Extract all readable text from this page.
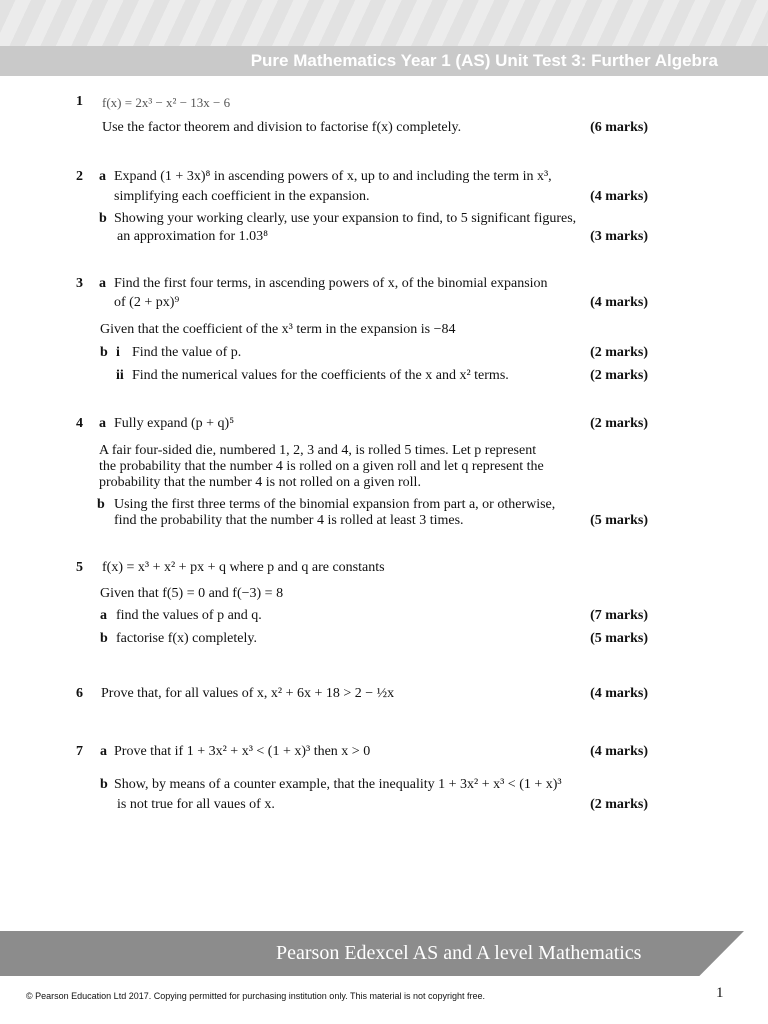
Pure Mathematics Year 1 (AS) Unit Test 3: Further Algebra
1 f(x) = 2x³ − x² − 13x − 6
Use the factor theorem and division to factorise f(x) completely.	(6 marks)
2 a Expand (1 + 3x)⁸ in ascending powers of x, up to and including the term in x³,
simplifying each coefficient in the expansion.	(4 marks)
b Showing your working clearly, use your expansion to find, to 5 significant figures,
an approximation for 1.03⁸	(3 marks)
3 a Find the first four terms, in ascending powers of x, of the binomial expansion
of (2 + px)⁹	(4 marks)
Given that the coefficient of the x³ term in the expansion is −84
b i Find the value of p.	(2 marks)
ii Find the numerical values for the coefficients of the x and x² terms.	(2 marks)
4 a Fully expand (p + q)⁵	(2 marks)
A fair four-sided die, numbered 1, 2, 3 and 4, is rolled 5 times. Let p represent
the probability that the number 4 is rolled on a given roll and let q represent the
probability that the number 4 is not rolled on a given roll.
b Using the first three terms of the binomial expansion from part a, or otherwise,
find the probability that the number 4 is rolled at least 3 times.	(5 marks)
5 f(x) = x³ + x² + px + q where p and q are constants
Given that f(5) = 0 and f(−3) = 8
a find the values of p and q.	(7 marks)
b factorise f(x) completely.	(5 marks)
6 Prove that, for all values of x, x² + 6x + 18 > 2 − ½x	(4 marks)
7 a Prove that if 1 + 3x² + x³ < (1 + x)³ then x > 0	(4 marks)
b Show, by means of a counter example, that the inequality 1 + 3x² + x³ < (1 + x)³
is not true for all vaues of x.	(2 marks)
Pearson Edexcel AS and A level Mathematics
© Pearson Education Ltd 2017. Copying permitted for purchasing institution only. This material is not copyright free.	1
